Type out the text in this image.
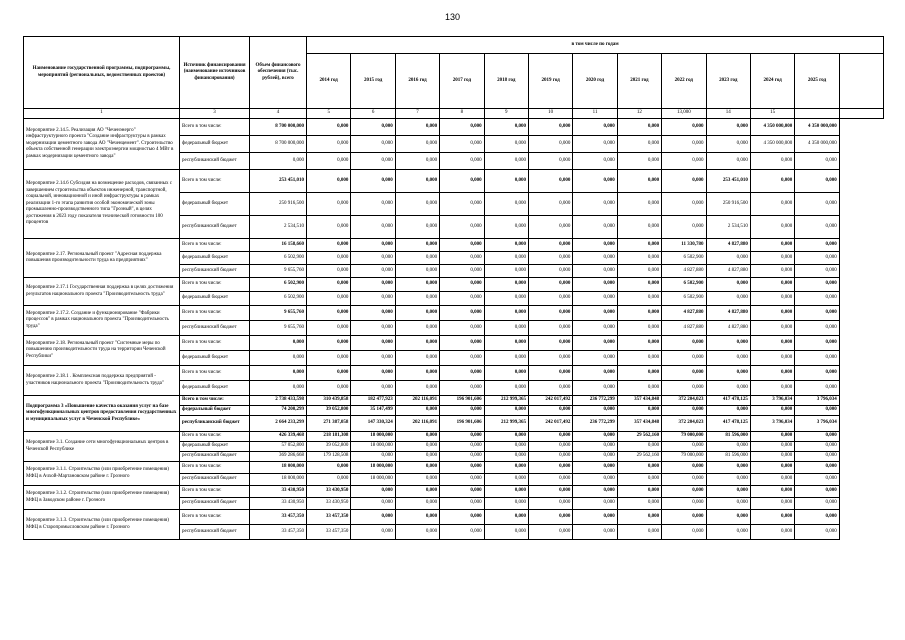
130
Наименование государственной программы, подпрограммы, мероприятий (региональных, ведомственных проектов)	Источник финансирования (наименование источников финансирования)	Объем финансового обеспечения (тыс. рублей), всего	в том числе по годам												
			2014 год	2015 год	2016 год	2017 год	2018 год	2019 год	2020 год	2021 год	2022 год	2023 год	2024 год	2025 год	
1	3	4	5	6	7	8	9	10	11	12	13,000	14	15		
Мероприятие 2.14.5. Реализация АО "Чеченэнерго" инфраструктурного проекта "Создание инфраструктуры в рамках модернизации цементного завода АО "Чеченцемент". Строительство объекта собственной генерации электроэнергии мощностью 4 МВт в рамках модернизации цементного завода"	Всего в том числе:	8 700 000,000	0,000	0,000	0,000	0,000	0,000	0,000	0,000	0,000	0,000	0,000	4 350 000,000	4 350 000,000	
	федеральный бюджет	8 700 000,000	0,000	0,000	0,000	0,000	0,000	0,000	0,000	0,000	0,000	0,000	4 350 000,000	4 350 000,000	
	республиканский бюджет	0,000	0,000	0,000	0,000	0,000	0,000	0,000	0,000	0,000	0,000	0,000	0,000	0,000	
Мероприятие 2.14.6 Субсидия на возмещение расходов, связанных с завершением строительства объектов инженерной, транспортной, социальной, инновационной и иной инфраструктуры в рамках реализации 1-го этапа развития особой экономической зоны промышленно-производственного типа "Грозный", в целях достижения в 2023 году показателя технической готовности 100 процентов	Всего в том числе:	253 451,010	0,000	0,000	0,000	0,000	0,000	0,000	0,000	0,000	0,000	253 451,010	0,000	0,000	
	федеральный бюджет	250 916,500	0,000	0,000	0,000	0,000	0,000	0,000	0,000	0,000	0,000	250 916,500	0,000	0,000	
	республиканский бюджет	2 534,510	0,000	0,000	0,000	0,000	0,000	0,000	0,000	0,000	0,000	2 534,510	0,000	0,000	
Мероприятие 2.17. Региональный проект "Адресная поддержка повышения производительности труда на предприятиях"	Всего в том числе:	16 158,660	0,000	0,000	0,000	0,000	0,000	0,000	0,000	0,000	11 330,780	4 827,880	0,000	0,000	
	федеральный бюджет	6 502,900	0,000	0,000	0,000	0,000	0,000	0,000	0,000	0,000	6 502,900	0,000	0,000	0,000	
	республиканский бюджет	9 655,760	0,000	0,000	0,000	0,000	0,000	0,000	0,000	0,000	4 827,880	4 827,880	0,000	0,000	
Мероприятие 2.17.1 Государственная поддержка в целях достижения результатов национального проекта "Производительность труда"	Всего в том числе:	6 502,900	0,000	0,000	0,000	0,000	0,000	0,000	0,000	0,000	6 502,900	0,000	0,000	0,000	
	федеральный бюджет	6 502,900	0,000	0,000	0,000	0,000	0,000	0,000	0,000	0,000	6 502,900	0,000	0,000	0,000	
Мероприятие 2.17.2. Создание и функционирование "Фабрики процессов" в рамках национального проекта "Производительность труда"	Всего в том числе:	9 655,760	0,000	0,000	0,000	0,000	0,000	0,000	0,000	0,000	4 827,880	4 827,880	0,000	0,000	
	республиканский бюджет	9 655,760	0,000	0,000	0,000	0,000	0,000	0,000	0,000	0,000	4 827,880	4 827,880	0,000	0,000	
Мероприятие 2.18. Региональный проект "Системные меры по повышению производительности труда на территории Чеченской Республики"	Всего в том числе:	0,000	0,000	0,000	0,000	0,000	0,000	0,000	0,000	0,000	0,000	0,000	0,000	0,000	
	федеральный бюджет	0,000	0,000	0,000	0,000	0,000	0,000	0,000	0,000	0,000	0,000	0,000	0,000	0,000	
Мероприятие 2.18.1 . Комплексная поддержка предприятий - участников национального проекта "Производительность труда"	Всего в том числе:	0,000	0,000	0,000	0,000	0,000	0,000	0,000	0,000	0,000	0,000	0,000	0,000	0,000	
	федеральный бюджет	0,000	0,000	0,000	0,000	0,000	0,000	0,000	0,000	0,000	0,000	0,000	0,000	0,000	
Подпрограмма 3 «Повышение качества оказания услуг на базе многофункциональных центров предоставления государственных и муниципальных услуг в Чеченской Республике»	Всего в том числе:	2 738 433,598	310 439,858	182 477,923	202 116,091	196 901,606	212 999,365	242 017,492	236 772,299	357 434,848	372 204,023	417 478,125	3 796,034	3 796,034	
	федеральный бюджет	74 200,299	39 052,800	35 147,499	0,000	0,000	0,000	0,000	0,000	0,000	0,000	0,000	0,000	0,000	
	республиканский бюджет	2 664 233,299	271 387,058	147 330,324	202 116,091	196 901,606	212 999,365	242 017,492	236 772,299	357 434,848	372 204,023	417 478,125	3 796,034	3 796,034	
Мероприятие 3.1. Создание сети многофункциональных центров в Чеченской Республике	Всего в том числе:	426 339,468	218 181,308	18 000,000	0,000	0,000	0,000	0,000	0,000	29 562,160	79 000,000	81 596,000	0,000	0,000	
	федеральный бюджет	57 052,800	39 052,800	18 000,000	0,000	0,000	0,000	0,000	0,000	0,000	0,000	0,000	0,000	0,000	
	республиканский бюджет	369 286,668	179 128,508	0,000	0,000	0,000	0,000	0,000	0,000	29 562,160	79 000,000	81 596,000	0,000	0,000	
Мероприятие 3.1.1. Строительство (или приобретение помещения) МФЦ в Ачхой-Мартановском районе г. Грозного	Всего в том числе:	18 000,000	0,000	18 000,000	0,000	0,000	0,000	0,000	0,000	0,000	0,000	0,000	0,000	0,000	
	республиканский бюджет	18 000,000	0,000	18 000,000	0,000	0,000	0,000	0,000	0,000	0,000	0,000	0,000	0,000	0,000	
Мероприятие 3.1.2. Строительство (или приобретение помещения) МФЦ в Заводском районе г. Грозного	Всего в том числе:	33 430,950	33 430,950	0,000	0,000	0,000	0,000	0,000	0,000	0,000	0,000	0,000	0,000	0,000	
	республиканский бюджет	33 430,950	33 430,950	0,000	0,000	0,000	0,000	0,000	0,000	0,000	0,000	0,000	0,000	0,000	
Мероприятие 3.1.3. Строительство (или приобретение помещения) МФЦ в Старопромысловском районе г. Грозного	Всего в том числе:	33 457,350	33 457,350	0,000	0,000	0,000	0,000	0,000	0,000	0,000	0,000	0,000	0,000	0,000	
	республиканский бюджет	33 457,350	33 457,350	0,000	0,000	0,000	0,000	0,000	0,000	0,000	0,000	0,000	0,000	0,000	
